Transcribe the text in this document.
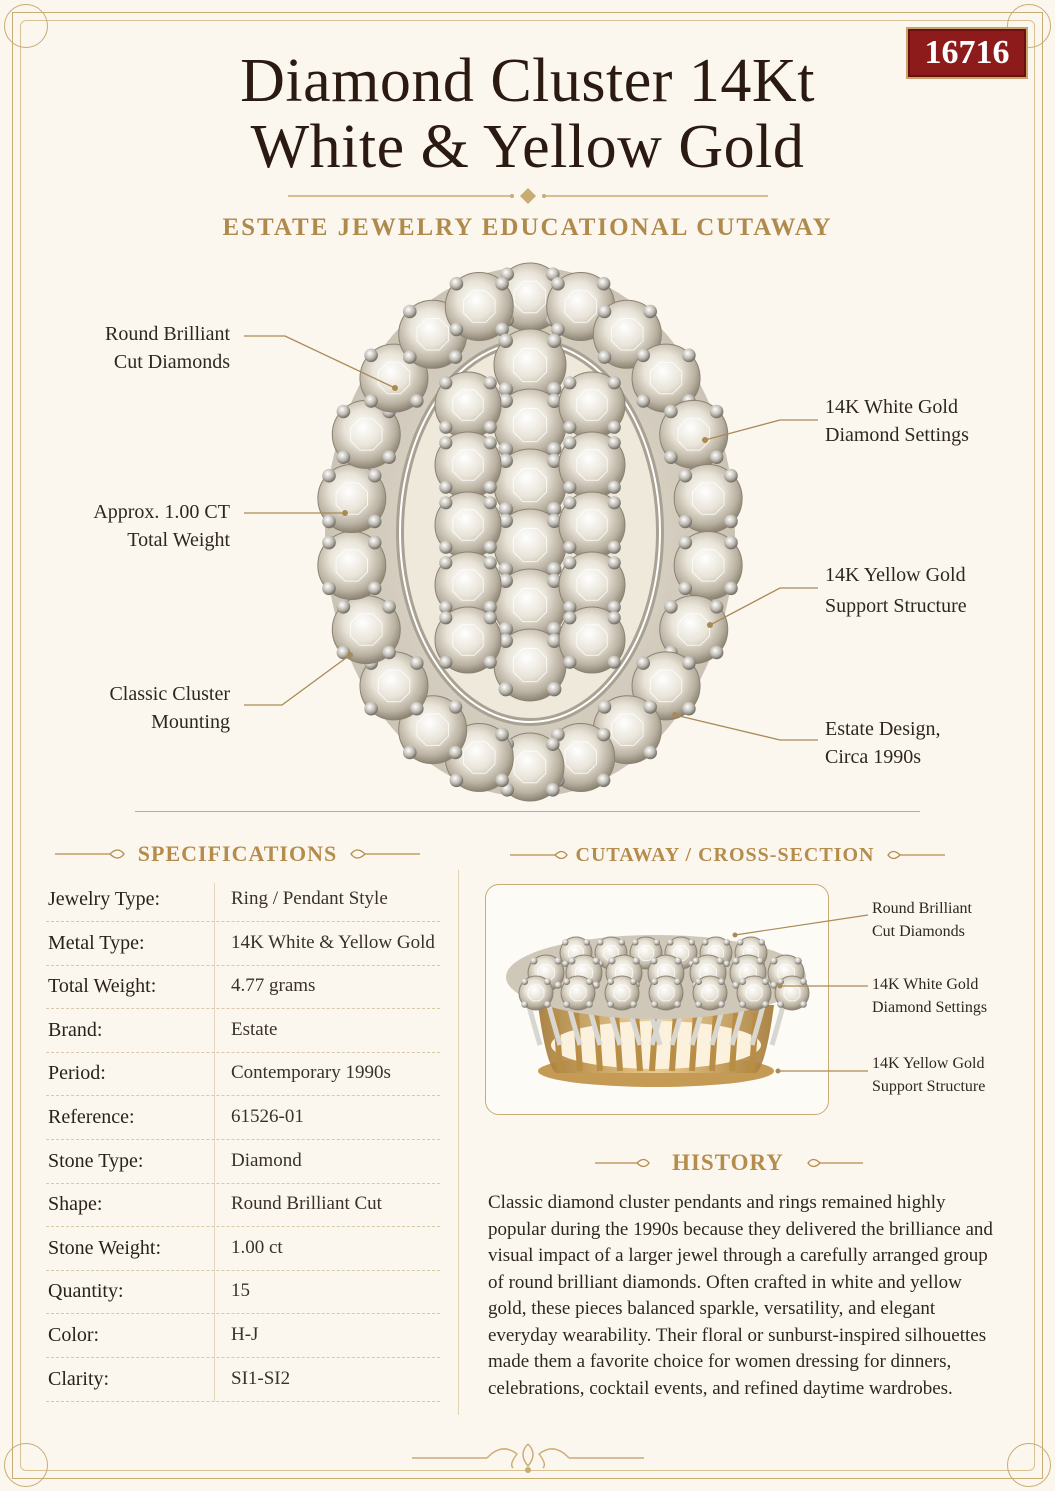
16716
Diamond Cluster 14Kt
White & Yellow Gold
ESTATE JEWELRY EDUCATIONAL CUTAWAY
Round Brilliant
Cut Diamonds
Approx. 1.00 CT
Total Weight
Classic Cluster
Mounting
14K White Gold
Diamond Settings
14K Yellow Gold
Support Structure
Estate Design,
Circa 1990s
SPECIFICATIONS
Jewelry Type:	Ring / Pendant Style
Metal Type:	14K White & Yellow Gold
Total Weight:	4.77 grams
Brand:	Estate
Period:	Contemporary 1990s
Reference:	61526-01
Stone Type:	Diamond
Shape:	Round Brilliant Cut
Stone Weight:	1.00 ct
Quantity:	15
Color:	H-J
Clarity:	SI1-SI2
CUTAWAY / CROSS-SECTION
Round Brilliant
Cut Diamonds
14K White Gold
Diamond Settings
14K Yellow Gold
Support Structure
HISTORY
Classic diamond cluster pendants and rings remained highly popular during the 1990s because they delivered the brilliance and visual impact of a larger jewel through a carefully arranged group of round brilliant diamonds. Often crafted in white and yellow gold, these pieces balanced sparkle, versatility, and elegant everyday wearability. Their floral or sunburst-inspired silhouettes made them a favorite choice for women dressing for dinners, celebrations, cocktail events, and refined daytime wardrobes.
